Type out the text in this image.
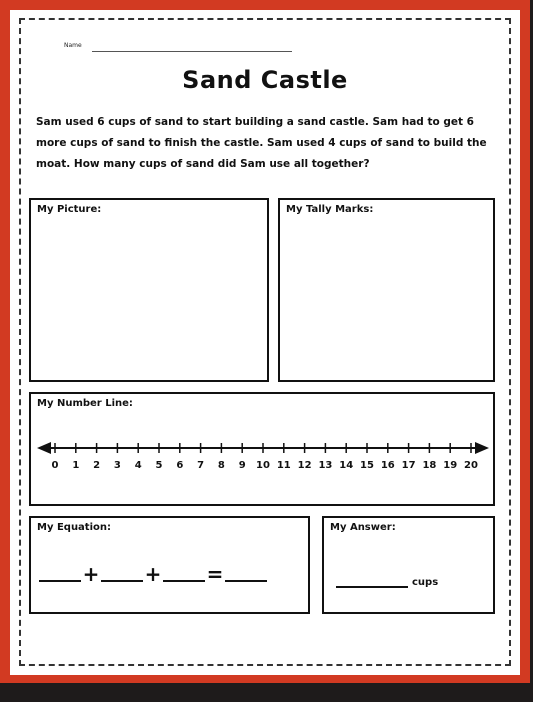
Name
Sand Castle
Sam used 6 cups of sand to start building a sand castle. Sam had to get 6 more cups of sand to finish the castle. Sam used 4 cups of sand to build the moat. How many cups of sand did Sam use all together?
My Picture:	My Tally Marks:
My Number Line:
0 1 2 3 4 5 6 7 8 9 10 11 12 13 14 15 16 17 18 19 20
My Equation:
+ + =
My Answer:
cups
